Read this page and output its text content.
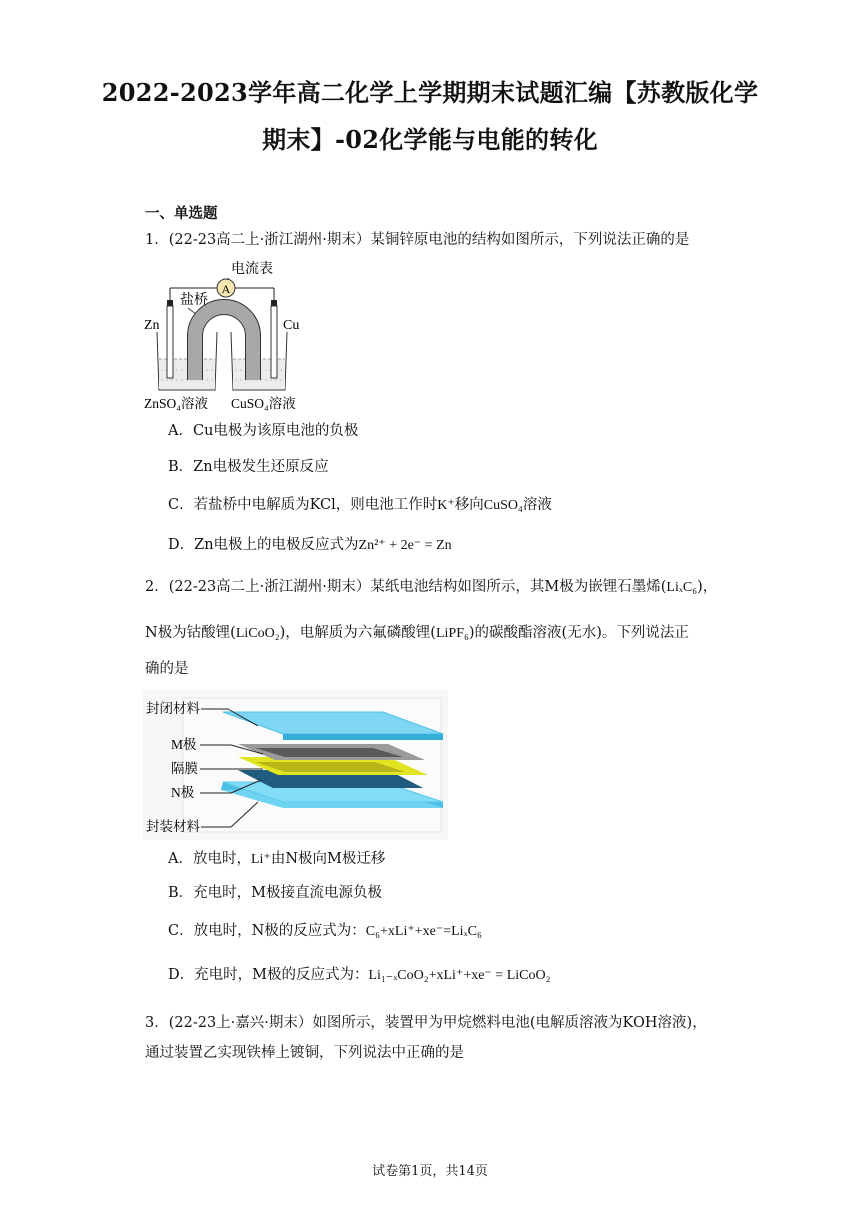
2022-2023学年高二化学上学期期末试题汇编【苏教版化学
期末】-02化学能与电能的转化
一、单选题
1．(22-23高二上·浙江湖州·期末）某铜锌原电池的结构如图所示，下列说法正确的是
A
电流表
盐桥
Zn	Cu
ZnSO₄溶液 CuSO₄溶液
A．Cu电极为该原电池的负极
B．Zn电极发生还原反应
C．若盐桥中电解质为KCl，则电池工作时K⁺移向CuSO₄溶液
D．Zn电极上的电极反应式为Zn²⁺ + 2e⁻ = Zn
2．(22-23高二上·浙江湖州·期末）某纸电池结构如图所示，其M极为嵌锂石墨烯(LiₓC₆)，
N极为钴酸锂(LiCoO₂)，电解质为六氟磷酸锂(LiPF₆)的碳酸酯溶液(无水)。下列说法正
确的是
封闭材料
M极
隔膜
N极
封装材料
A．放电时，Li⁺由N极向M极迁移
B．充电时，M极接直流电源负极
C．放电时，N极的反应式为：C₆+xLi⁺+xe⁻=LiₓC₆
D．充电时，M极的反应式为：Li₁₋ₓCoO₂+xLi⁺+xe⁻ = LiCoO₂
3．(22-23上·嘉兴·期末）如图所示，装置甲为甲烷燃料电池(电解质溶液为KOH溶液)，
通过装置乙实现铁棒上镀铜，下列说法中正确的是
试卷第1页，共14页
